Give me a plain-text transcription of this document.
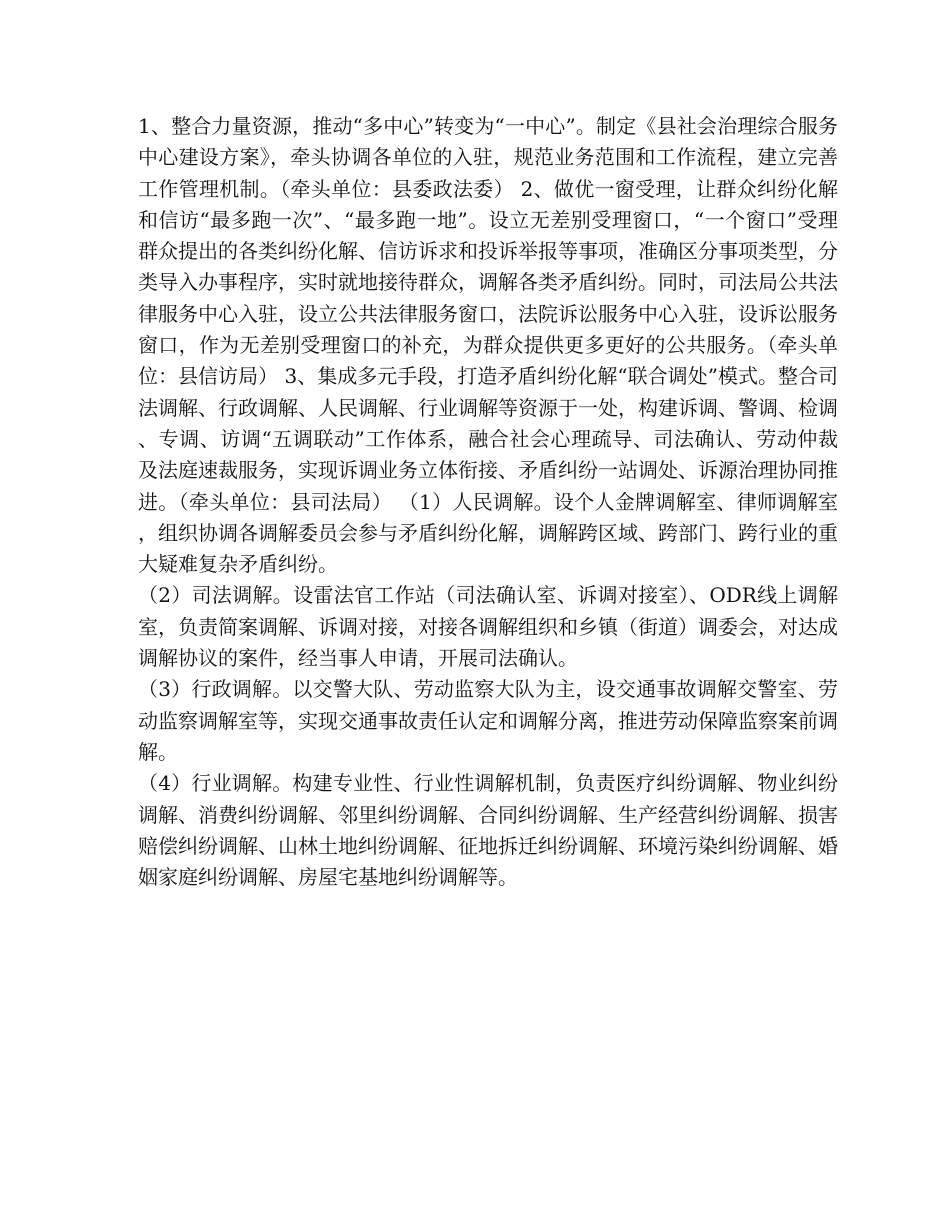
1、整合力量资源，推动“多中心”转变为“一中心”。制定《县社会治理综合服务中心建设方案》，牵头协调各单位的入驻，规范业务范围和工作流程，建立完善工作管理机制。（牵头单位：县委政法委） 2、做优一窗受理，让群众纠纷化解和信访“最多跑一次”、“最多跑一地”。设立无差别受理窗口，“一个窗口”受理群众提出的各类纠纷化解、信访诉求和投诉举报等事项，准确区分事项类型，分类导入办事程序，实时就地接待群众，调解各类矛盾纠纷。同时，司法局公共法律服务中心入驻，设立公共法律服务窗口，法院诉讼服务中心入驻，设诉讼服务窗口，作为无差别受理窗口的补充，为群众提供更多更好的公共服务。（牵头单位：县信访局） 3、集成多元手段，打造矛盾纠纷化解“联合调处”模式。整合司法调解、行政调解、人民调解、行业调解等资源于一处，构建诉调、警调、检调、专调、访调“五调联动”工作体系，融合社会心理疏导、司法确认、劳动仲裁及法庭速裁服务，实现诉调业务立体衔接、矛盾纠纷一站调处、诉源治理协同推进。（牵头单位：县司法局） （1）人民调解。设个人金牌调解室、律师调解室，组织协调各调解委员会参与矛盾纠纷化解，调解跨区域、跨部门、跨行业的重大疑难复杂矛盾纠纷。

（2）司法调解。设雷法官工作站（司法确认室、诉调对接室）、ODR线上调解室，负责简案调解、诉调对接，对接各调解组织和乡镇（街道）调委会，对达成调解协议的案件，经当事人申请，开展司法确认。

（3）行政调解。以交警大队、劳动监察大队为主，设交通事故调解交警室、劳动监察调解室等，实现交通事故责任认定和调解分离，推进劳动保障监察案前调解。

（4）行业调解。构建专业性、行业性调解机制，负责医疗纠纷调解、物业纠纷调解、消费纠纷调解、邻里纠纷调解、合同纠纷调解、生产经营纠纷调解、损害赔偿纠纷调解、山林土地纠纷调解、征地拆迁纠纷调解、环境污染纠纷调解、婚姻家庭纠纷调解、房屋宅基地纠纷调解等。
